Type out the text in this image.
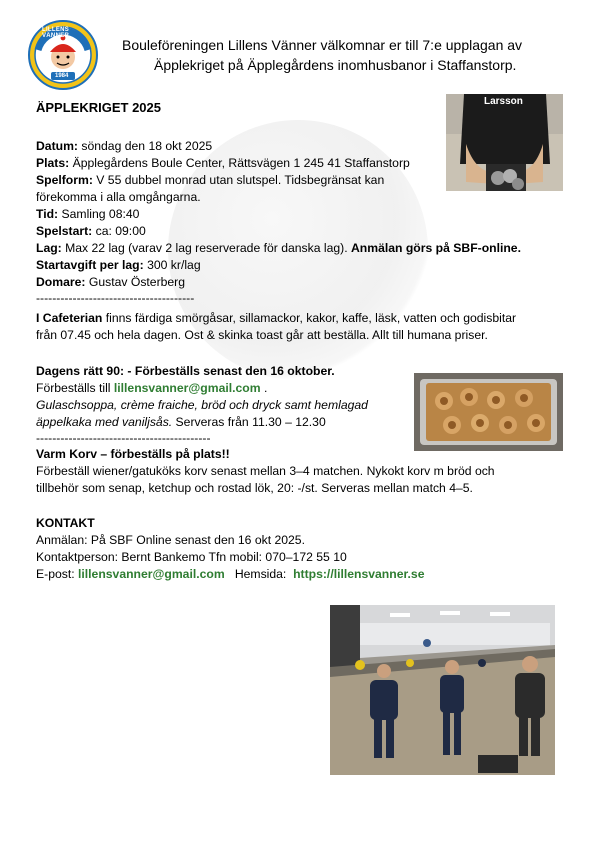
LILLENS VÄNNER
1984
Bouleföreningen Lillens Vänner välkomnar er till 7:e upplagan av
Äpplekriget på Äpplegårdens inomhusbanor i Staffanstorp.
ÄPPLEKRIGET 2025	Larsson
Datum: söndag den 18 okt 2025
Plats: Äpplegårdens Boule Center, Rättsvägen 1 245 41 Staffanstorp
Spelform: V 55 dubbel monrad utan slutspel. Tidsbegränsat kan
förekomma i alla omgångarna.
Tid: Samling 08:40
Spelstart: ca: 09:00
Lag: Max 22 lag (varav 2 lag reserverade för danska lag). Anmälan görs på SBF-online.
Startavgift per lag: 300 kr/lag
Domare: Gustav Österberg
---------------------------------------
I Cafeterian finns färdiga smörgåsar, sillamackor, kakor, kaffe, läsk, vatten och godisbitar
från 07.45 och hela dagen. Ost & skinka toast går att beställa. Allt till humana priser.
Dagens rätt 90: - Förbeställs senast den 16 oktober.
Förbeställs till lillensvanner@gmail.com .
Gulaschsoppa, crème fraiche, bröd och dryck samt hemlagad
äppelkaka med vaniljsås. Serveras från 11.30 – 12.30
-------------------------------------------
Varm Korv – förbeställs på plats!!
Förbeställ wiener/gatuköks korv senast mellan 3–4 matchen. Nykokt korv m bröd och
tillbehör som senap, ketchup och rostad lök, 20: -/st. Serveras mellan match 4–5.
KONTAKT
Anmälan: På SBF Online senast den 16 okt 2025.
Kontaktperson: Bernt Bankemo Tfn mobil: 070–172 55 10
E-post: lillensvanner@gmail.com   Hemsida:  https://lillensvanner.se
